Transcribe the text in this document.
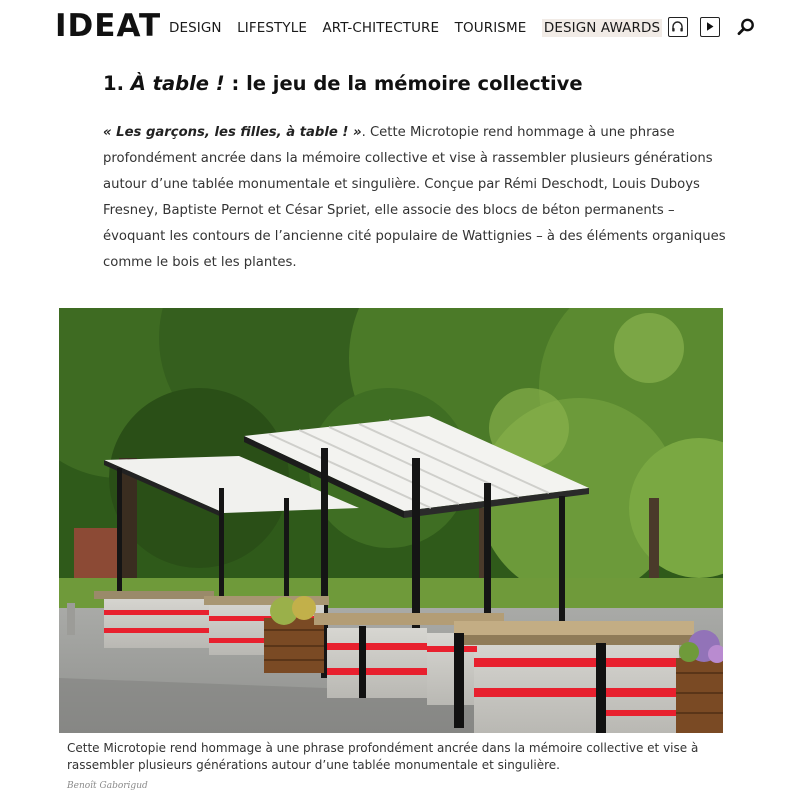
IDEAT DESIGN LIFESTYLE ART-CHITECTURE TOURISME DESIGN AWARDS
1. À table ! : le jeu de la mémoire collective

« Les garçons, les filles, à table ! ». Cette Microtopie rend hommage à une phrase profondément ancrée dans la mémoire collective et vise à rassembler plusieurs générations autour d’une tablée monumentale et singulière. Conçue par Rémi Deschodt, Louis Duboys Fresney, Baptiste Pernot et César Spriet, elle associe des blocs de béton permanents – évoquant les contours de l’ancienne cité populaire de Wattignies – à des éléments organiques comme le bois et les plantes.

Cette Microtopie rend hommage à une phrase profondément ancrée dans la mémoire collective et vise à rassembler plusieurs générations autour d’une tablée monumentale et singulière.

Benoît Gaborigud
